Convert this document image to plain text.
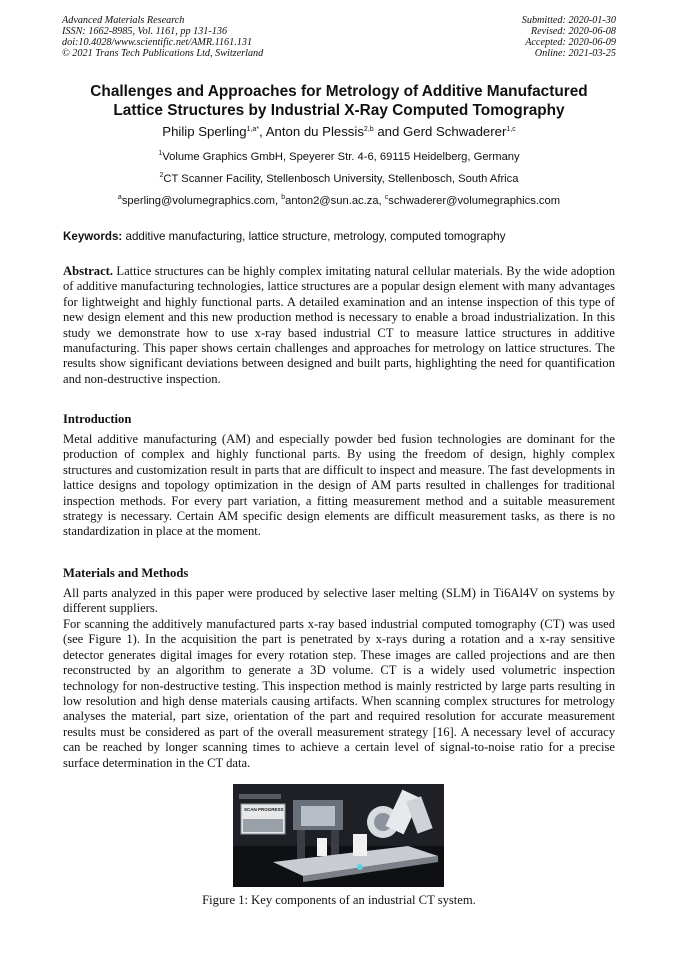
Advanced Materials Research
ISSN: 1662-8985, Vol. 1161, pp 131-136
doi:10.4028/www.scientific.net/AMR.1161.131
© 2021 Trans Tech Publications Ltd, Switzerland
Submitted: 2020-01-30
Revised: 2020-06-08
Accepted: 2020-06-09
Online: 2021-03-25
Challenges and Approaches for Metrology of Additive Manufactured
Lattice Structures by Industrial X-Ray Computed Tomography
Philip Sperling$^{1,a*}$, Anton du Plessis$^{2,b}$ and Gerd Schwaderer$^{1,c}$
$^1$Volume Graphics GmbH, Speyerer Str. 4-6, 69115 Heidelberg, Germany
$^2$CT Scanner Facility, Stellenbosch University, Stellenbosch, South Africa
$^a$sperling@volumegraphics.com, $^b$anton2@sun.ac.za, $^c$schwaderer@volumegraphics.com
Keywords: additive manufacturing, lattice structure, metrology, computed tomography
Abstract. Lattice structures can be highly complex imitating natural cellular materials. By the wide adoption of additive manufacturing technologies, lattice structures are a popular design element with many advantages for lightweight and highly functional parts. A detailed examination and an intense inspection of this type of new design element and this new production method is necessary to enable a broad industrialization. In this study we demonstrate how to use x-ray based industrial CT to measure lattice structures in additive manufacturing. This paper shows certain challenges and approaches for metrology on lattice structures. The results show significant deviations between designed and built parts, highlighting the need for quantification and non-destructive inspection.
Introduction
Metal additive manufacturing (AM) and especially powder bed fusion technologies are dominant for the production of complex and highly functional parts. By using the freedom of design, highly complex structures and customization result in parts that are difficult to inspect and measure. The fast developments in lattice designs and topology optimization in the design of AM parts resulted in challenges for traditional inspection methods. For every part variation, a fitting measurement method and a suitable measurement strategy is necessary. Certain AM specific design elements are difficult measurement tasks, as there is no standardization in place at the moment.
Materials and Methods
All parts analyzed in this paper were produced by selective laser melting (SLM) in Ti6Al4V on systems by different suppliers.
For scanning the additively manufactured parts x-ray based industrial computed tomography (CT) was used (see Figure 1). In the acquisition the part is penetrated by x-rays during a rotation and a x-ray sensitive detector generates digital images for every rotation step. These images are called projections and are then reconstructed by an algorithm to generate a 3D volume. CT is a widely used volumetric inspection technology for non-destructive testing. This inspection method is mainly restricted by large parts resulting in low resolution and high dense materials causing artifacts. When scanning complex structures for metrology analyses the material, part size, orientation of the part and required resolution for accurate measurement results must be considered as part of the overall measurement strategy [16]. A necessary level of accuracy can be reached by longer scanning times to achieve a certain level of signal-to-noise ratio for a precise surface determination in the CT data.
SCAN PROGRESS
Figure 1: Key components of an industrial CT system.
